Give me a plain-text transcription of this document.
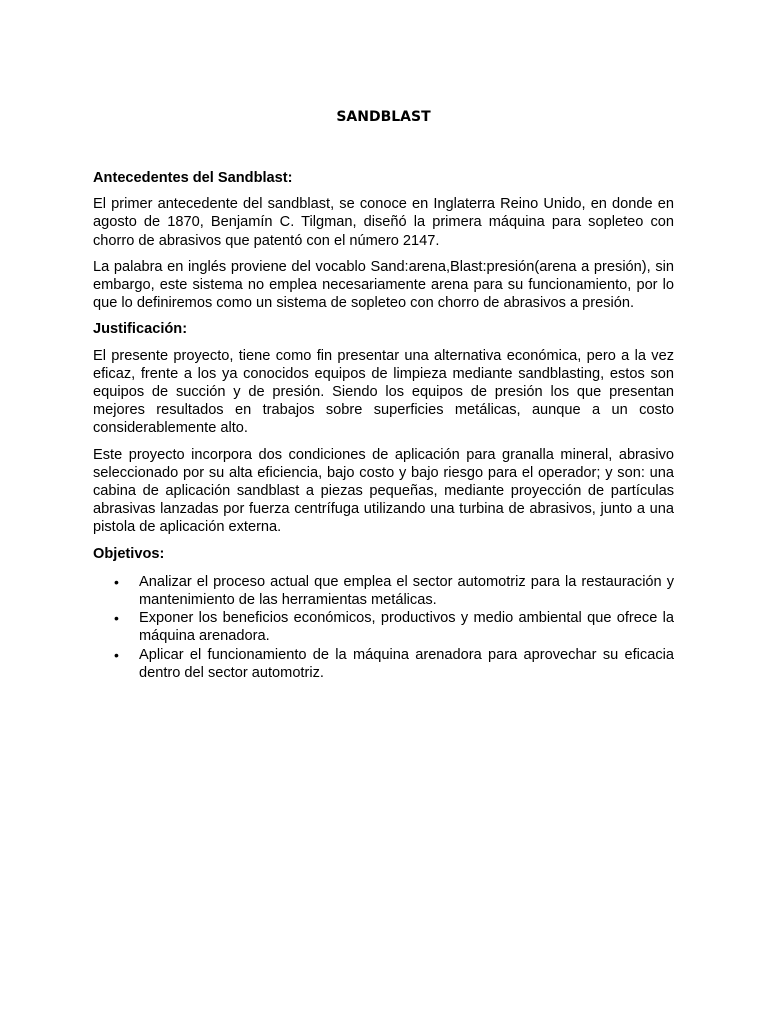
SANDBLAST

Antecedentes del Sandblast:

El primer antecedente del sandblast, se conoce en Inglaterra Reino Unido, en donde en agosto de 1870, Benjamín C. Tilgman, diseñó la primera máquina para sopleteo con chorro de abrasivos que patentó con el número 2147.

La palabra en inglés proviene del vocablo Sand:arena,Blast:presión(arena a presión), sin embargo, este sistema no emplea necesariamente arena para su funcionamiento, por lo que lo definiremos como un sistema de sopleteo con chorro de abrasivos a presión.

Justificación:

El presente proyecto, tiene como fin presentar una alternativa económica, pero a la vez eficaz, frente a los ya conocidos equipos de limpieza mediante sandblasting, estos son equipos de succión y de presión. Siendo los equipos de presión los que presentan mejores resultados en trabajos sobre superficies metálicas, aunque a un costo considerablemente alto.

Este proyecto incorpora dos condiciones de aplicación para granalla mineral, abrasivo seleccionado por su alta eficiencia, bajo costo y bajo riesgo para el operador; y son: una cabina de aplicación sandblast a piezas pequeñas, mediante proyección de partículas abrasivas lanzadas por fuerza centrífuga utilizando una turbina de abrasivos, junto a una pistola de aplicación externa.

Objetivos:

• Analizar el proceso actual que emplea el sector automotriz para la restauración y mantenimiento de las herramientas metálicas.
• Exponer los beneficios económicos, productivos y medio ambiental que ofrece la máquina arenadora.
• Aplicar el funcionamiento de la máquina arenadora para aprovechar su eficacia dentro del sector automotriz.
